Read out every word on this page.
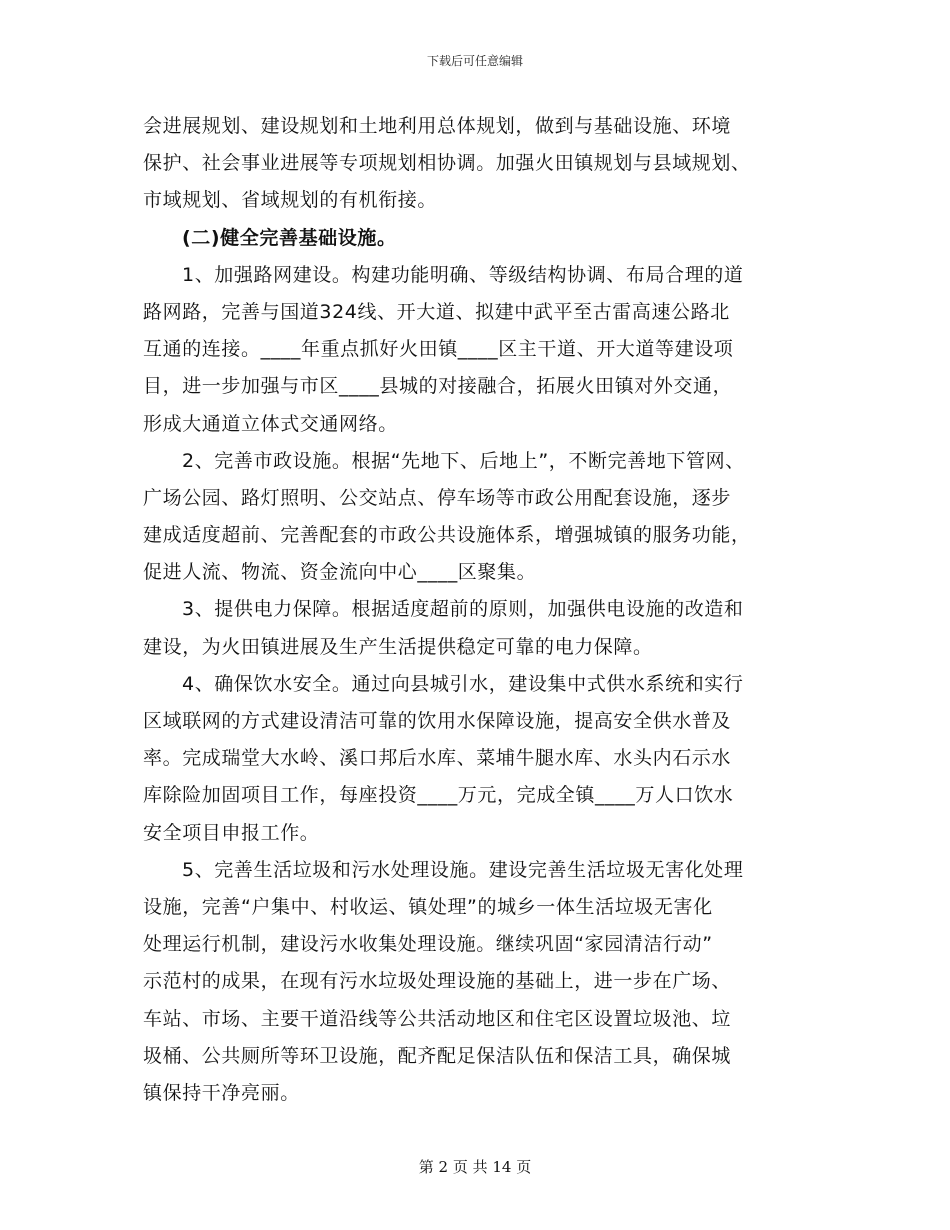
下载后可任意编辑
会进展规划、建设规划和土地利用总体规划，做到与基础设施、环境
保护、社会事业进展等专项规划相协调。加强火田镇规划与县域规划、
市域规划、省域规划的有机衔接。
(二)健全完善基础设施。
1、加强路网建设。构建功能明确、等级结构协调、布局合理的道
路网路，完善与国道324线、开大道、拟建中武平至古雷高速公路北
互通的连接。____年重点抓好火田镇____区主干道、开大道等建设项
目，进一步加强与市区____县城的对接融合，拓展火田镇对外交通，
形成大通道立体式交通网络。
2、完善市政设施。根据“先地下、后地上”，不断完善地下管网、
广场公园、路灯照明、公交站点、停车场等市政公用配套设施，逐步
建成适度超前、完善配套的市政公共设施体系，增强城镇的服务功能，
促进人流、物流、资金流向中心____区聚集。
3、提供电力保障。根据适度超前的原则，加强供电设施的改造和
建设，为火田镇进展及生产生活提供稳定可靠的电力保障。
4、确保饮水安全。通过向县城引水，建设集中式供水系统和实行
区域联网的方式建设清洁可靠的饮用水保障设施，提高安全供水普及
率。完成瑞堂大水岭、溪口邦后水库、菜埔牛腿水库、水头内石示水
库除险加固项目工作，每座投资____万元，完成全镇____万人口饮水
安全项目申报工作。
5、完善生活垃圾和污水处理设施。建设完善生活垃圾无害化处理
设施，完善“户集中、村收运、镇处理”的城乡一体生活垃圾无害化
处理运行机制，建设污水收集处理设施。继续巩固“家园清洁行动”
示范村的成果，在现有污水垃圾处理设施的基础上，进一步在广场、
车站、市场、主要干道沿线等公共活动地区和住宅区设置垃圾池、垃
圾桶、公共厕所等环卫设施，配齐配足保洁队伍和保洁工具，确保城
镇保持干净亮丽。
第 2 页 共 14 页
